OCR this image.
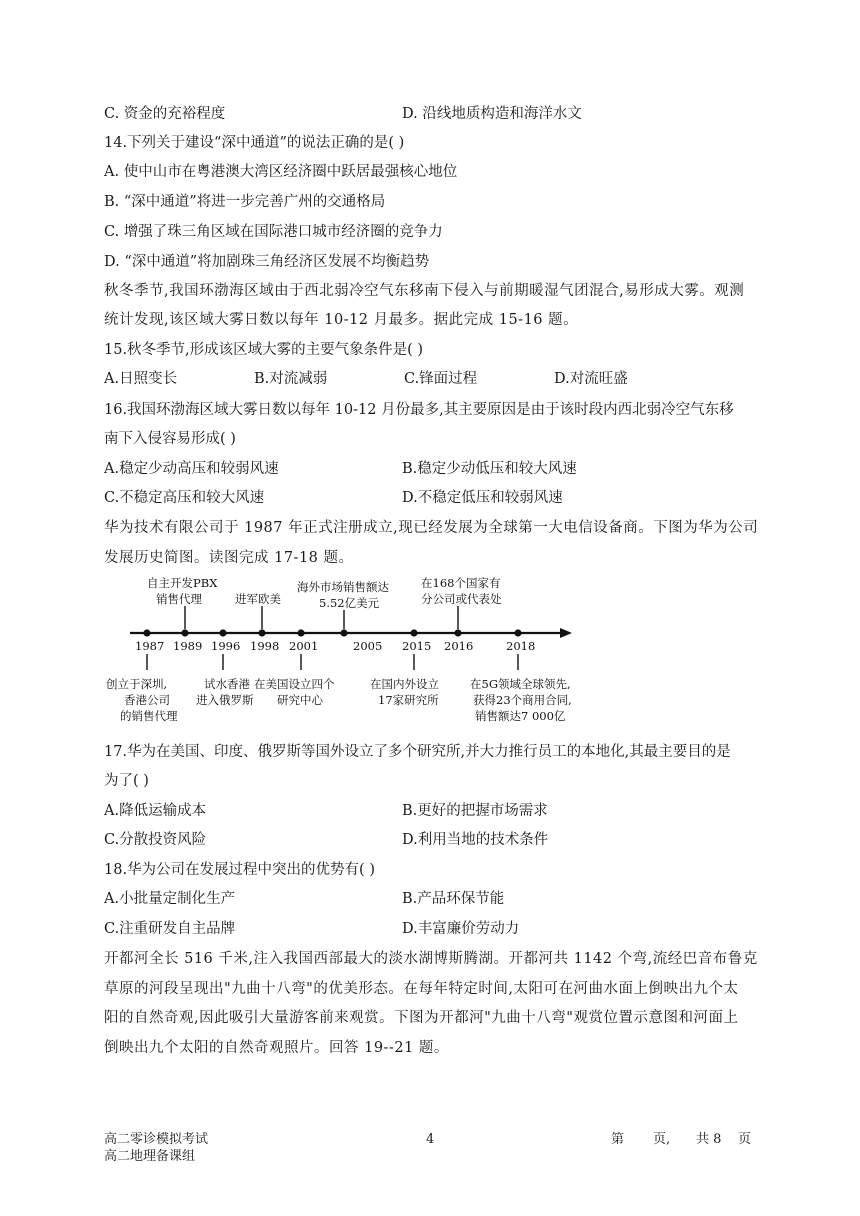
C. 资金的充裕程度	D. 沿线地质构造和海洋水文
14.下列关于建设“深中通道”的说法正确的是( )
A. 使中山市在粤港澳大湾区经济圈中跃居最强核心地位
B. “深中通道”将进一步完善广州的交通格局
C. 增强了珠三角区域在国际港口城市经济圈的竞争力
D. “深中通道”将加剧珠三角经济区发展不均衡趋势
秋冬季节,我国环渤海区域由于西北弱冷空气东移南下侵入与前期暖湿气团混合,易形成大雾。观测
统计发现,该区域大雾日数以每年 10-12 月最多。据此完成 15-16 题。
15.秋冬季节,形成该区域大雾的主要气象条件是( )
A.日照变长	B.对流减弱	C.锋面过程	D.对流旺盛
16.我国环渤海区域大雾日数以每年 10-12 月份最多,其主要原因是由于该时段内西北弱冷空气东移
南下入侵容易形成( )
A.稳定少动高压和较弱风速	B.稳定少动低压和较大风速
C.不稳定高压和较大风速	D.不稳定低压和较弱风速
华为技术有限公司于 1987 年正式注册成立,现已经发展为全球第一大电信设备商。下图为华为公司
发展历史简图。读图完成 17-18 题。
1987 1989 1996 1998 2001	2005 2015 2016	2018
自主开发PBX
销售代理	进军欧美
海外市场销售额达
5.52亿美元
在168个国家有
分公司或代表处
创立于深圳,
香港公司
的销售代理
试水香港
进入俄罗斯
在美国设立四个
研究中心
在国内外设立
17家研究所
在5G领域全球领先,
获得23个商用合同,
销售额达7 000亿
17.华为在美国、印度、俄罗斯等国外设立了多个研究所,并大力推行员工的本地化,其最主要目的是
为了( )
A.降低运输成本	B.更好的把握市场需求
C.分散投资风险	D.利用当地的技术条件
18.华为公司在发展过程中突出的优势有( )
A.小批量定制化生产	B.产品环保节能
C.注重研发自主品牌	D.丰富廉价劳动力
开都河全长 516 千米,注入我国西部最大的淡水湖博斯腾湖。开都河共 1142 个弯,流经巴音布鲁克
草原的河段呈现出"九曲十八弯"的优美形态。在每年特定时间,太阳可在河曲水面上倒映出九个太
阳的自然奇观,因此吸引大量游客前来观赏。下图为开都河"九曲十八弯"观赏位置示意图和河面上
倒映出九个太阳的自然奇观照片。回答 19--21 题。
高二零诊模拟考试
高二地理备课组
4	第 页, 共 8 页
